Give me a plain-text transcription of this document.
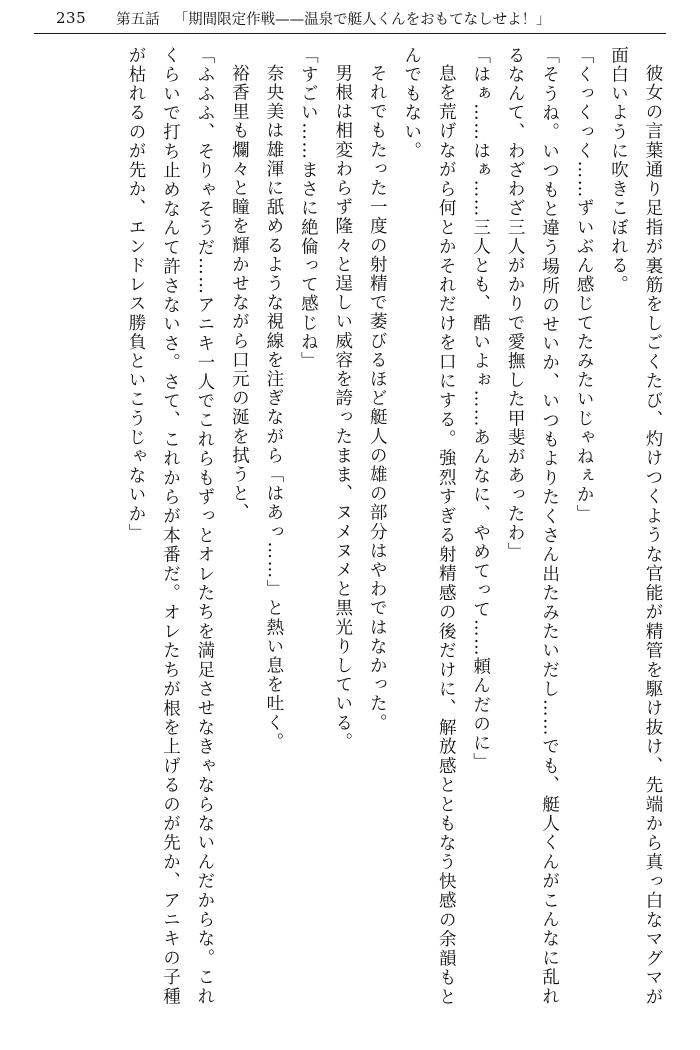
235 第五話 「期間限定作戦——温泉で艇人くんをおもてなしせよ！」

彼女の言葉通り足指が裏筋をしごくたび、灼けつくような官能が精管を駆け抜け、先端から真っ白なマグマが面白いように吹きこぼれる。

「くっくっく……ずいぶん感じてたみたいじゃねぇか」

「そうね。いつもと違う場所のせいか、いつもよりたくさん出たみたいだし……でも、艇人くんがこんなに乱れるなんて、わざわざ三人がかりで愛撫した甲斐があったわ」

「はぁ……はぁ……三人とも、酷いよぉ……あんなに、やめてって……頼んだのに」

息を荒げながら何とかそれだけを口にする。強烈すぎる射精感の後だけに、解放感とともなう快感の余韻もとんでもない。

それでもたった一度の射精で萎びるほど艇人の雄の部分はやわではなかった。

男根は相変わらず隆々と逞しい威容を誇ったまま、ヌメヌメと黒光りしている。

「すごい……まさに絶倫って感じね」

奈央美は雄渾に舐めるような視線を注ぎながら「はあっ……」と熱い息を吐く。

裕香里も爛々と瞳を輝かせながら口元の涎を拭うと、

「ふふふ、そりゃそうだ……アニキ一人でこれらもずっとオレたちを満足させなきゃならないんだからな。これくらいで打ち止めなんて許さないさ。さて、これからが本番だ。オレたちが根を上げるのが先か、アニキの子種が枯れるのが先か、エンドレス勝負といこうじゃないか」
